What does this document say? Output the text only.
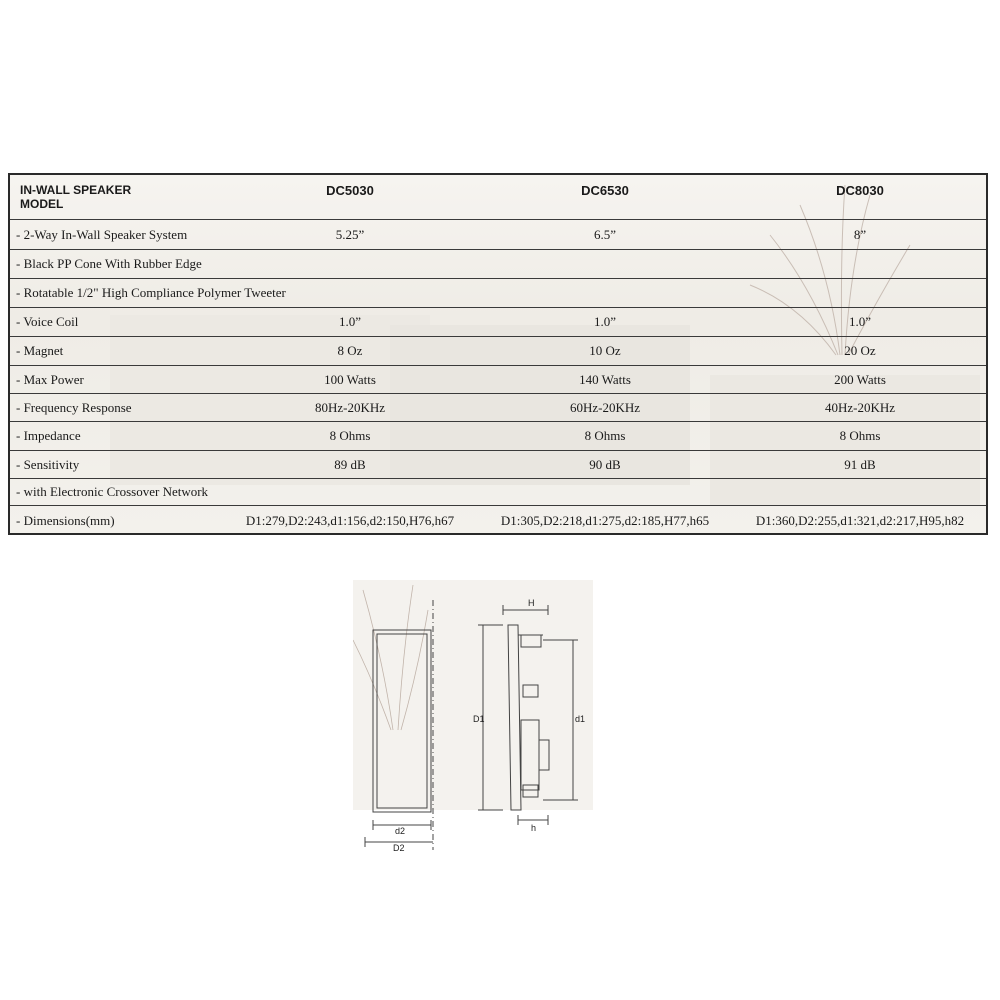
IN-WALL SPEAKER
MODEL
DC5030	DC6530	DC8030
- 2-Way In-Wall Speaker System	5.25”	6.5”	8”
- Black PP Cone With Rubber Edge
- Rotatable 1/2" High Compliance Polymer Tweeter
- Voice Coil	1.0”	1.0”	1.0”
- Magnet	8 Oz	10 Oz	20 Oz
- Max Power	100 Watts	140 Watts	200 Watts
- Frequency Response	80Hz-20KHz	60Hz-20KHz	40Hz-20KHz
- Impedance	8 Ohms	8 Ohms	8 Ohms
- Sensitivity	89 dB	90 dB	91 dB
- with Electronic Crossover Network
- Dimensions(mm)	D1:279,D2:243,d1:156,d2:150,H76,h67	D1:305,D2:218,d1:275,d2:185,H77,h65	D1:360,D2:255,d1:321,d2:217,H95,h82
d2
D2
H
D1	d1
h
